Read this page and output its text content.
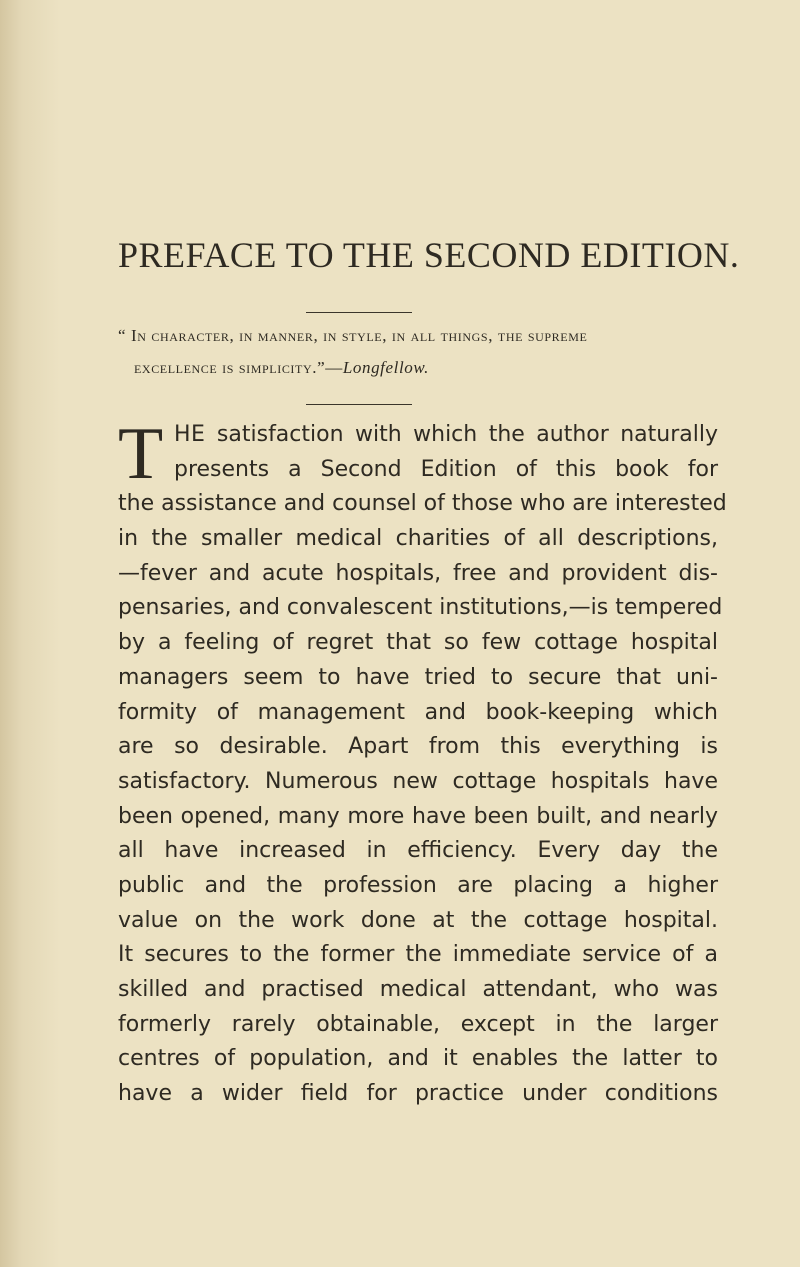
PREFACE TO THE SECOND EDITION.
“ In character, in manner, in style, in all things, the supreme
excellence is simplicity.”—Longfellow.
T HE satisfaction with which the author naturally
presents a Second Edition of this book for
the assistance and counsel of those who are interested
in the smaller medical charities of all descriptions,
—fever and acute hospitals, free and provident dis-
pensaries, and convalescent institutions,—is tempered
by a feeling of regret that so few cottage hospital
managers seem to have tried to secure that uni-
formity of management and book-keeping which
are so desirable. Apart from this everything is
satisfactory. Numerous new cottage hospitals have
been opened, many more have been built, and nearly
all have increased in efficiency. Every day the
public and the profession are placing a higher
value on the work done at the cottage hospital.
It secures to the former the immediate service of a
skilled and practised medical attendant, who was
formerly rarely obtainable, except in the larger
centres of population, and it enables the latter to
have a wider field for practice under conditions
